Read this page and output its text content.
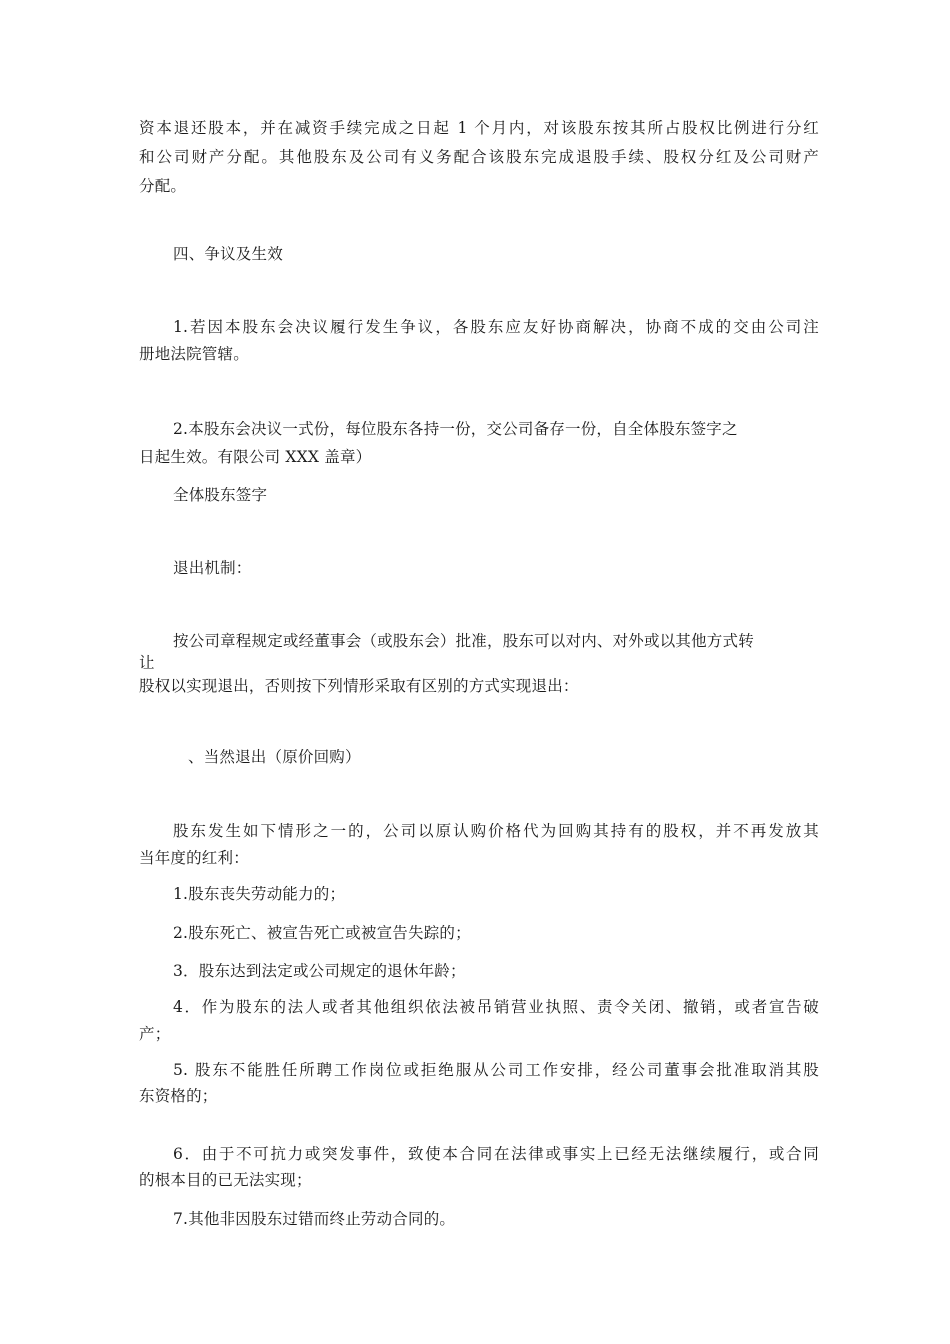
资本退还股本，并在减资手续完成之日起 1 个月内，对该股东按其所占股权比例进行分红
和公司财产分配。其他股东及公司有义务配合该股东完成退股手续、股权分红及公司财产
分配。
四、争议及生效
1.若因本股东会决议履行发生争议，各股东应友好协商解决，协商不成的交由公司注
册地法院管辖。
2.本股东会决议一式份，每位股东各持一份，交公司备存一份，自全体股东签字之
日起生效。有限公司 XXX 盖章）
全体股东签字
退出机制：
按公司章程规定或经董事会（或股东会）批准，股东可以对内、对外或以其他方式转
让
股权以实现退出，否则按下列情形采取有区别的方式实现退出：
、当然退出（原价回购）
股东发生如下情形之一的，公司以原认购价格代为回购其持有的股权，并不再发放其
当年度的红利：
1.股东丧失劳动能力的；
2.股东死亡、被宣告死亡或被宣告失踪的；
3．股东达到法定或公司规定的退休年龄；
4．作为股东的法人或者其他组织依法被吊销营业执照、责令关闭、撤销，或者宣告破
产；
5. 股东不能胜任所聘工作岗位或拒绝服从公司工作安排，经公司董事会批准取消其股
东资格的；
6．由于不可抗力或突发事件，致使本合同在法律或事实上已经无法继续履行，或合同
的根本目的已无法实现；
7.其他非因股东过错而终止劳动合同的。
